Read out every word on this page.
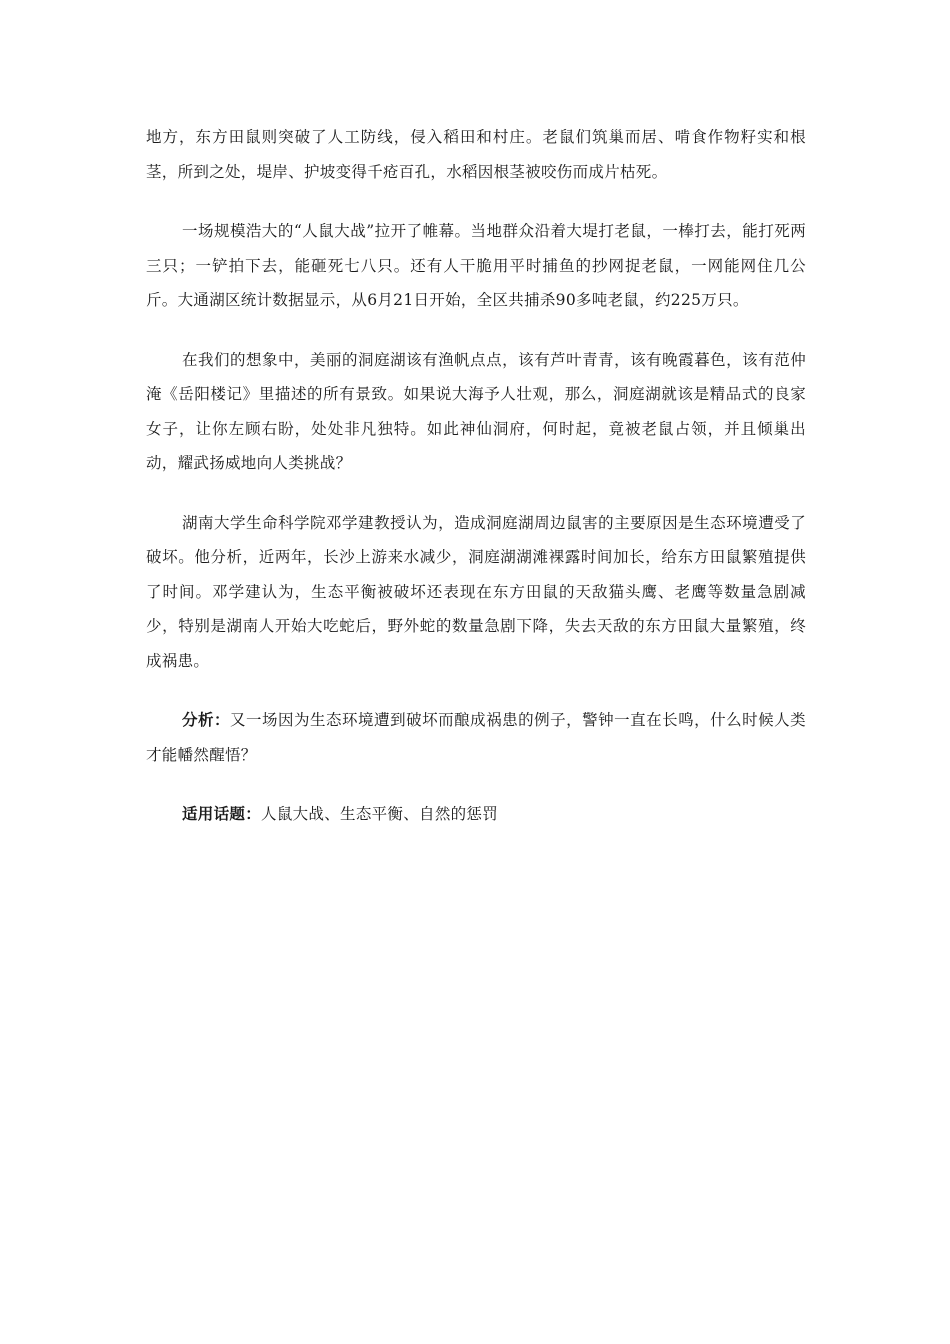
地方，东方田鼠则突破了人工防线，侵入稻田和村庄。老鼠们筑巢而居、啃食作物籽实和根茎，所到之处，堤岸、护坡变得千疮百孔，水稻因根茎被咬伤而成片枯死。

一场规模浩大的“人鼠大战”拉开了帷幕。当地群众沿着大堤打老鼠，一棒打去，能打死两三只；一铲拍下去，能砸死七八只。还有人干脆用平时捕鱼的抄网捉老鼠，一网能网住几公斤。大通湖区统计数据显示，从6月21日开始，全区共捕杀90多吨老鼠，约225万只。

在我们的想象中，美丽的洞庭湖该有渔帆点点，该有芦叶青青，该有晚霞暮色，该有范仲淹《岳阳楼记》里描述的所有景致。如果说大海予人壮观，那么，洞庭湖就该是精品式的良家女子，让你左顾右盼，处处非凡独特。如此神仙洞府，何时起，竟被老鼠占领，并且倾巢出动，耀武扬威地向人类挑战？

湖南大学生命科学院邓学建教授认为，造成洞庭湖周边鼠害的主要原因是生态环境遭受了破坏。他分析，近两年，长沙上游来水减少，洞庭湖湖滩裸露时间加长，给东方田鼠繁殖提供了时间。邓学建认为，生态平衡被破坏还表现在东方田鼠的天敌猫头鹰、老鹰等数量急剧减少，特别是湖南人开始大吃蛇后，野外蛇的数量急剧下降，失去天敌的东方田鼠大量繁殖，终成祸患。

分析：又一场因为生态环境遭到破坏而酿成祸患的例子，警钟一直在长鸣，什么时候人类才能幡然醒悟？

适用话题：人鼠大战、生态平衡、自然的惩罚
